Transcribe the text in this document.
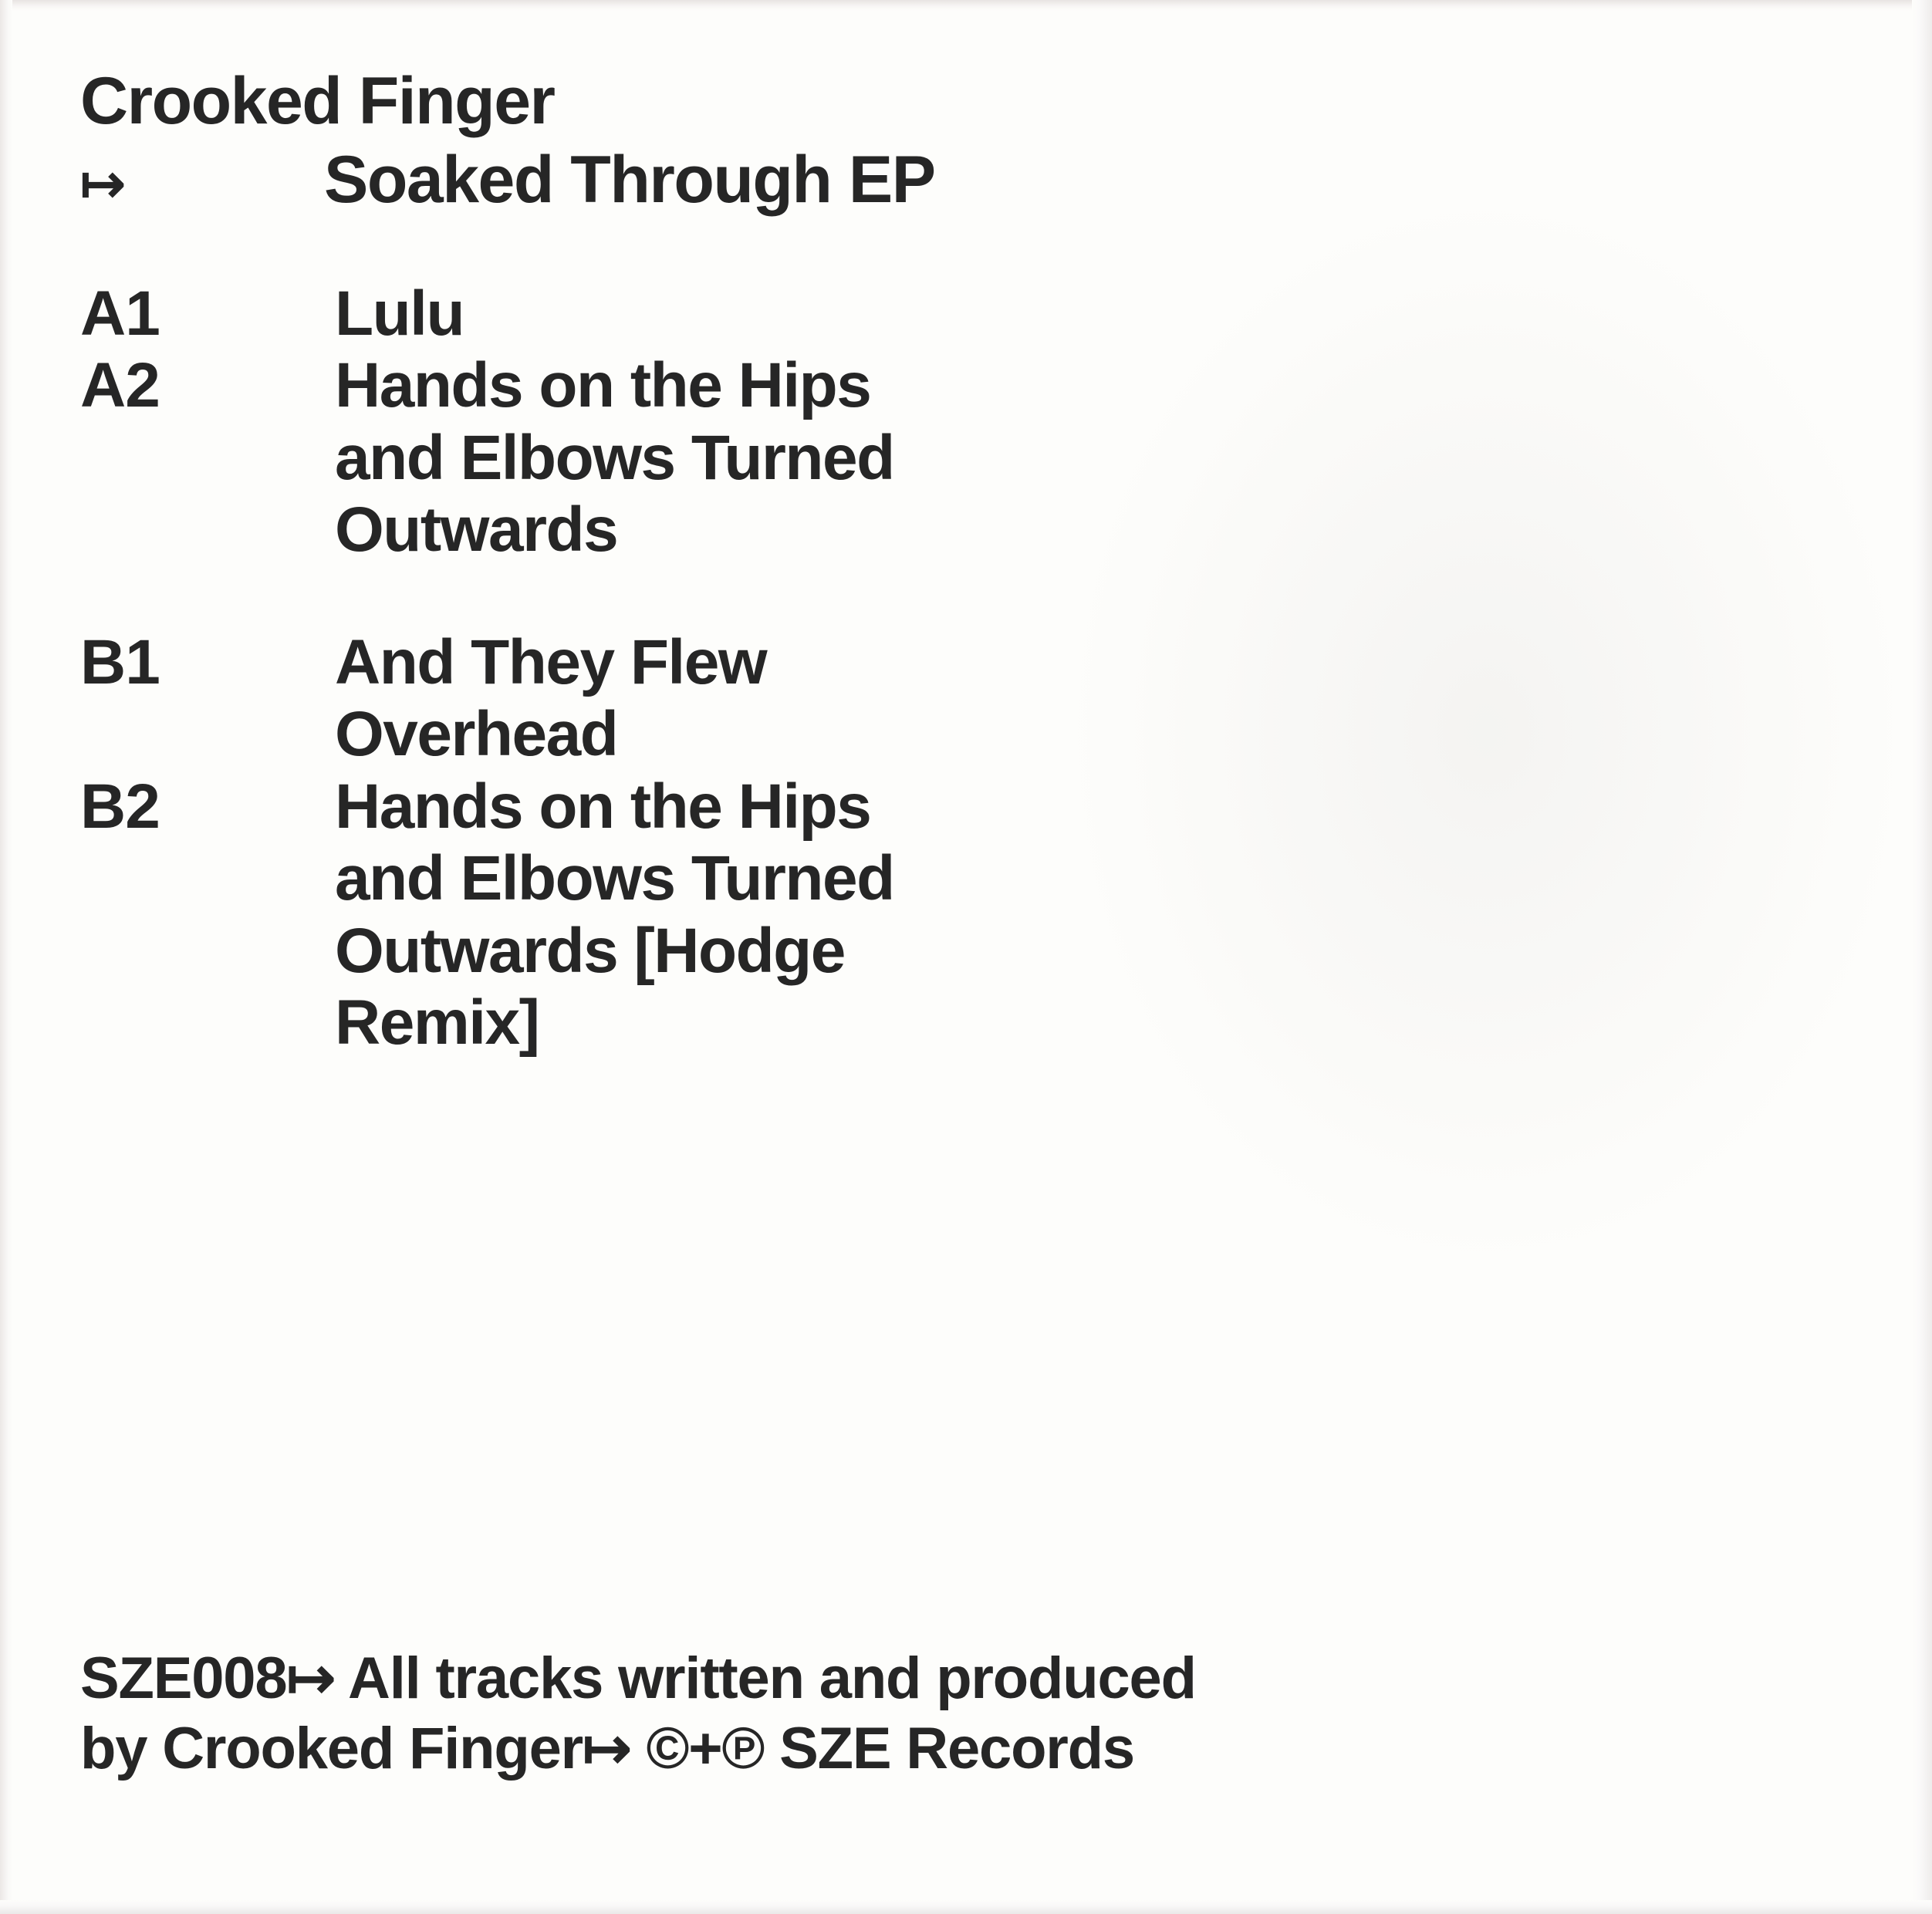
Crooked Finger
↦	Soaked Through EP
A1	Lulu
A2	Hands on the Hips and Elbows Turned Outwards
B1	And They Flew Overhead
B2	Hands on the Hips and Elbows Turned Outwards [Hodge Remix]
SZE008↦ All tracks written and produced by Crooked Finger↦ ©+℗ SZE Records
